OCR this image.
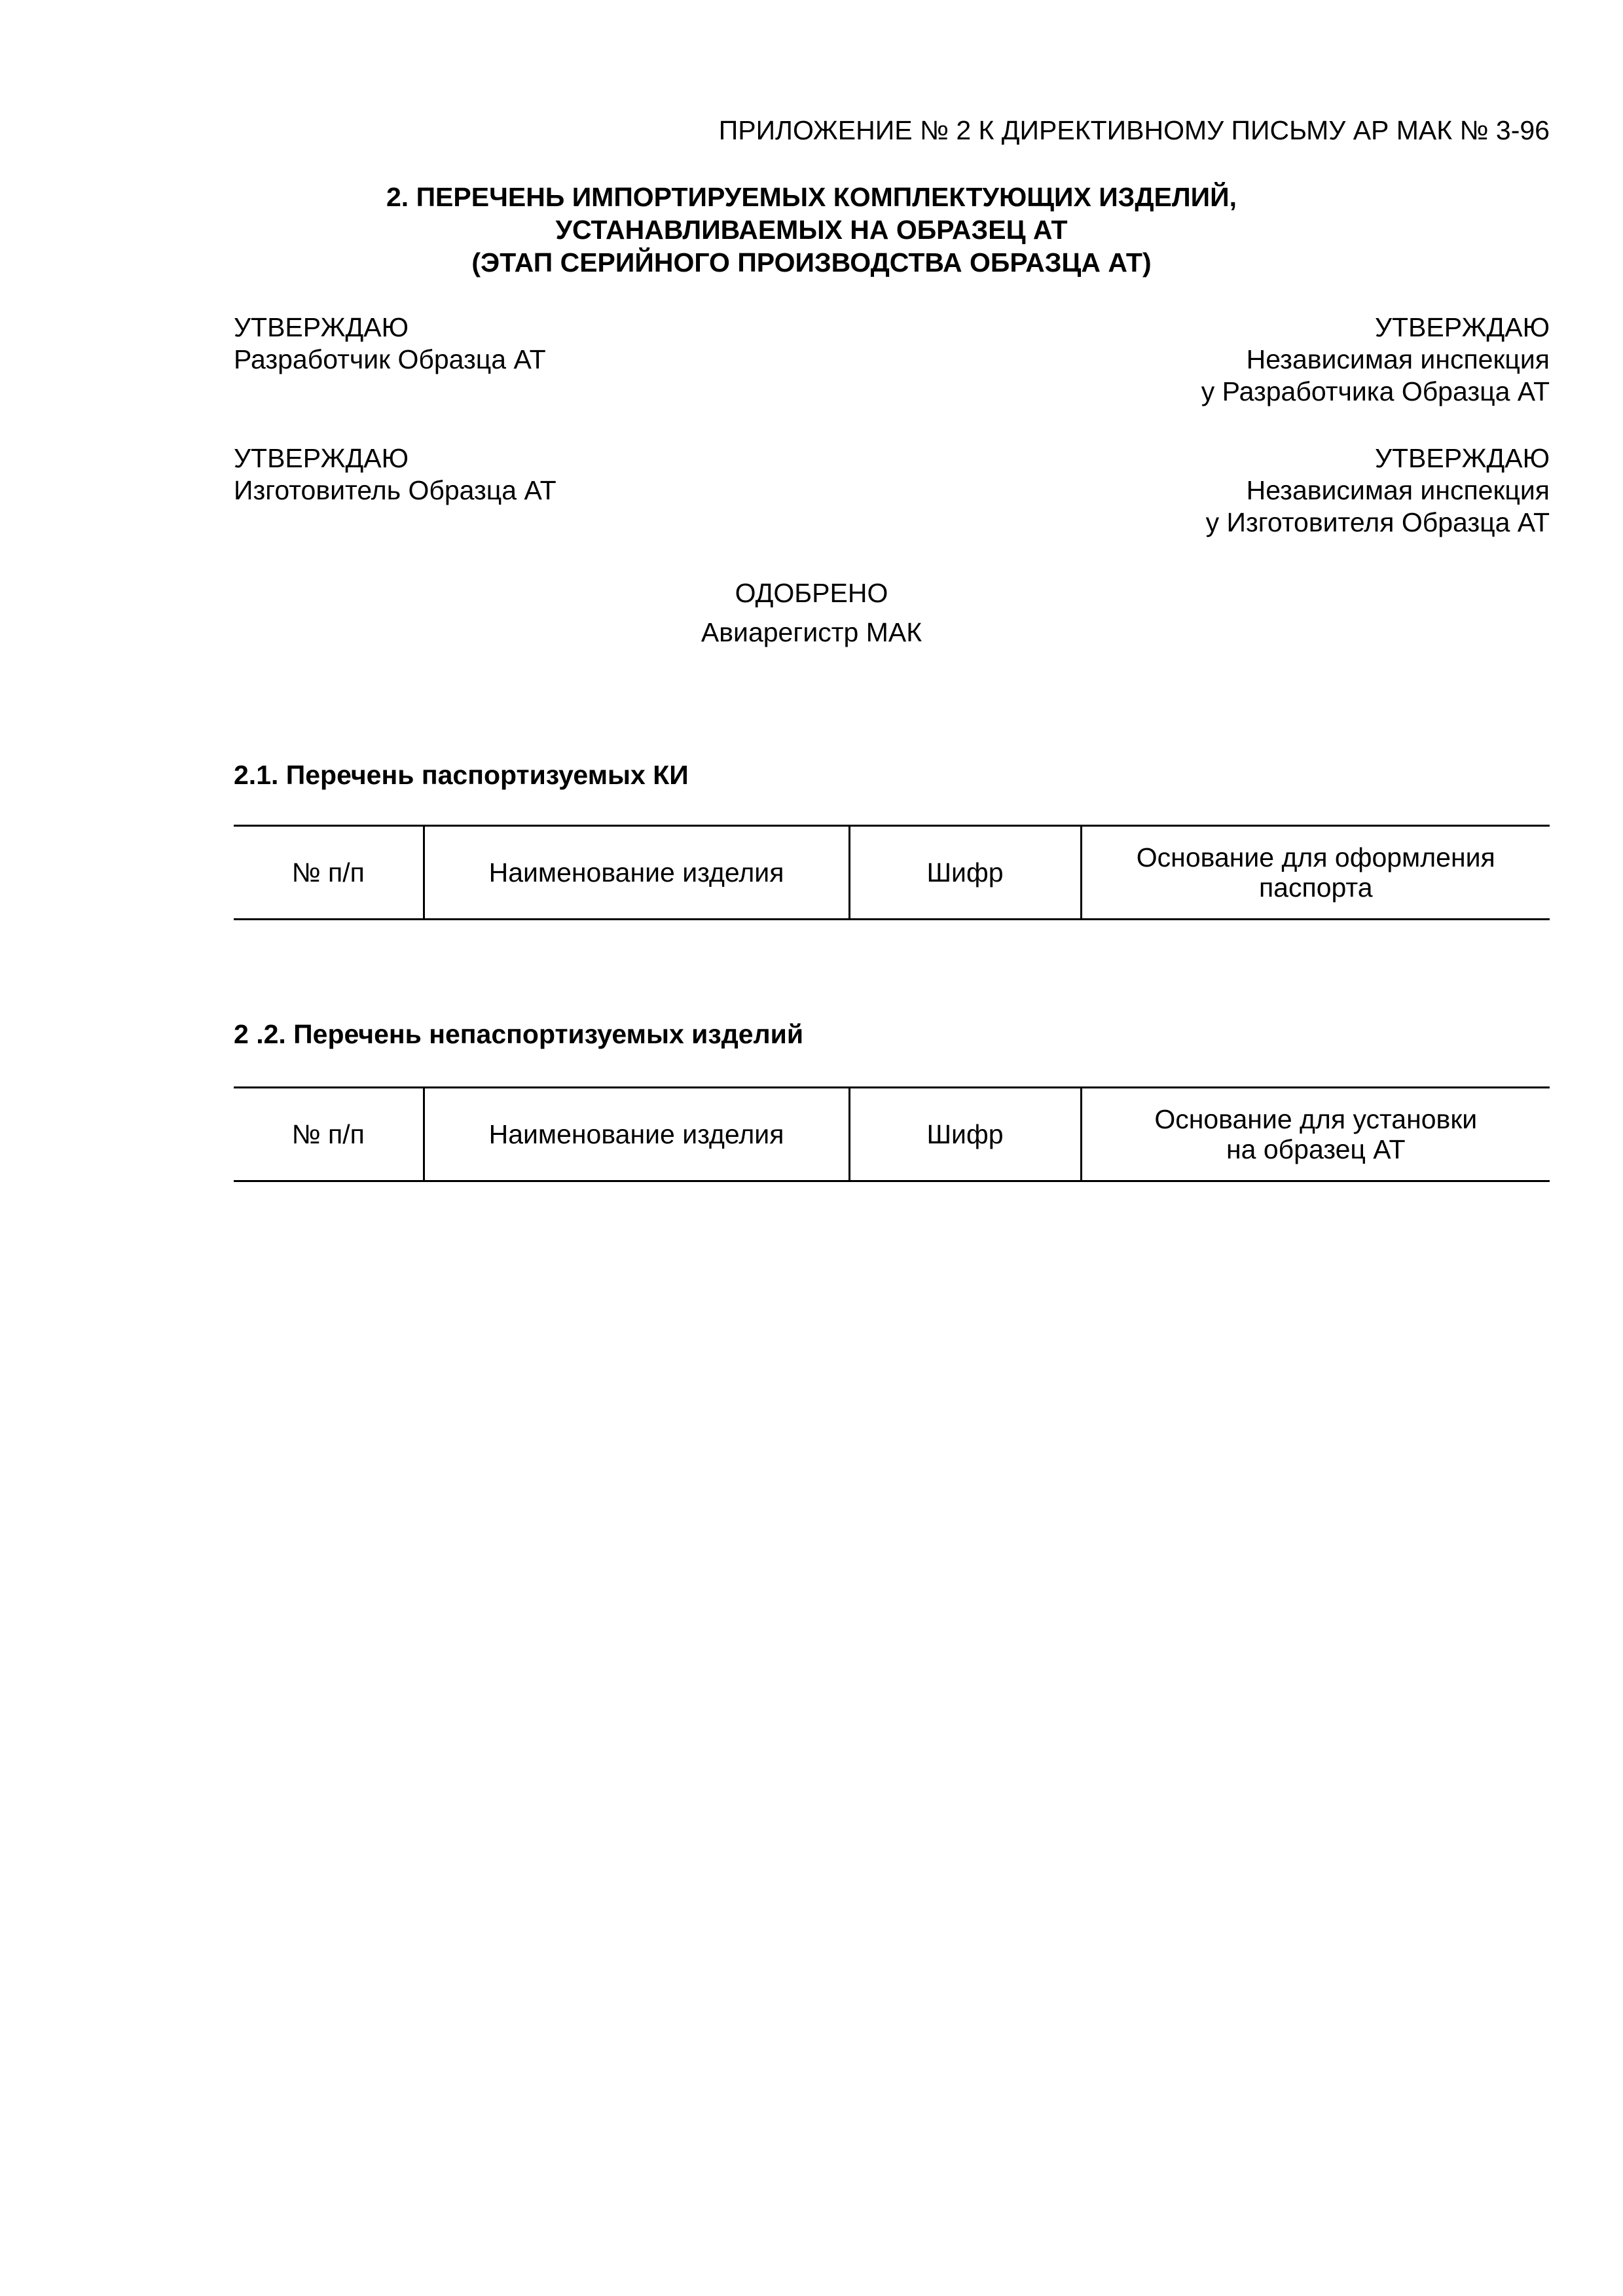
ПРИЛОЖЕНИЕ № 2 К ДИРЕКТИВНОМУ ПИСЬМУ АР МАК № 3-96
2. ПЕРЕЧЕНЬ ИМПОРТИРУЕМЫХ КОМПЛЕКТУЮЩИХ ИЗДЕЛИЙ,
УСТАНАВЛИВАЕМЫХ НА ОБРАЗЕЦ АТ
(ЭТАП СЕРИЙНОГО ПРОИЗВОДСТВА ОБРАЗЦА АТ)
УТВЕРЖДАЮ
Разработчик Образца АТ
УТВЕРЖДАЮ
Независимая инспекция
у Разработчика Образца АТ
УТВЕРЖДАЮ
Изготовитель Образца АТ
УТВЕРЖДАЮ
Независимая инспекция
у Изготовителя Образца АТ
ОДОБРЕНО
Авиарегистр МАК
2.1. Перечень паспортизуемых КИ
№ п/п	Наименование изделия	Шифр	Основание для оформления
паспорта
2 .2. Перечень непаспортизуемых изделий
№ п/п	Наименование изделия	Шифр	Основание для установки
на образец АТ
